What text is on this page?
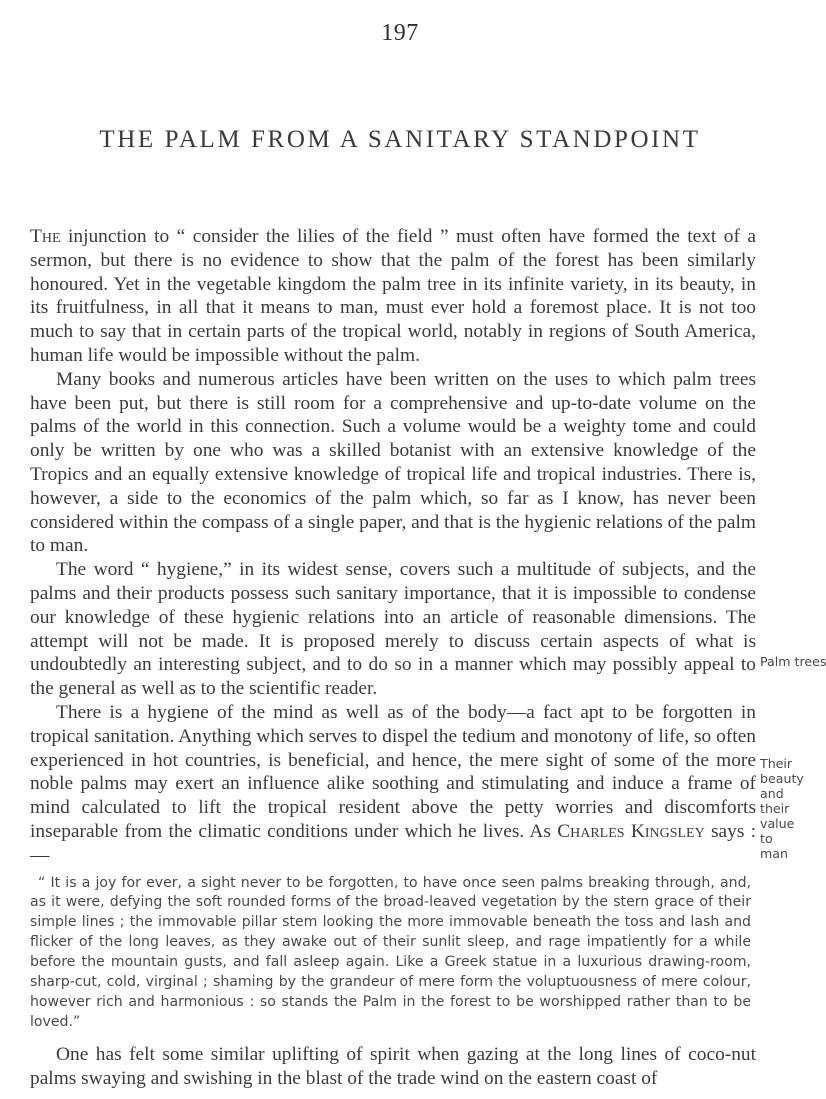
197
THE PALM FROM A SANITARY STANDPOINT

The injunction to “ consider the lilies of the field ” must often have formed the text of a sermon, but there is no evidence to show that the palm of the forest has been similarly honoured. Yet in the vegetable kingdom the palm tree in its infinite variety, in its beauty, in its fruitfulness, in all that it means to man, must ever hold a foremost place. It is not too much to say that in certain parts of the tropical world, notably in regions of South America, human life would be impossible without the palm.

Many books and numerous articles have been written on the uses to which palm trees have been put, but there is still room for a comprehensive and up-to-date volume on the palms of the world in this connection. Such a volume would be a weighty tome and could only be written by one who was a skilled botanist with an extensive knowledge of the Tropics and an equally extensive knowledge of tropical life and tropical industries. There is, however, a side to the economics of the palm which, so far as I know, has never been considered within the compass of a single paper, and that is the hygienic relations of the palm to man.

The word “ hygiene,” in its widest sense, covers such a multitude of subjects, and the palms and their products possess such sanitary importance, that it is impossible to condense our knowledge of these hygienic relations into an article of reasonable dimensions. The attempt will not be made. It is proposed merely to discuss certain aspects of what is undoubtedly an interesting subject, and to do so in a manner which may possibly appeal to the general as well as to the scientific reader.

There is a hygiene of the mind as well as of the body—a fact apt to be forgotten in tropical sanitation. Anything which serves to dispel the tedium and monotony of life, so often experienced in hot countries, is beneficial, and hence, the mere sight of some of the more noble palms may exert an influence alike soothing and stimulating and induce a frame of mind calculated to lift the tropical resident above the petty worries and discomforts inseparable from the climatic conditions under which he lives. As Charles Kingsley says :—

“ It is a joy for ever, a sight never to be forgotten, to have once seen palms breaking through, and, as it were, defying the soft rounded forms of the broad-leaved vegetation by the stern grace of their simple lines ; the immovable pillar stem looking the more immovable beneath the toss and lash and flicker of the long leaves, as they awake out of their sunlit sleep, and rage impatiently for a while before the mountain gusts, and fall asleep again. Like a Greek statue in a luxurious drawing-room, sharp-cut, cold, virginal ; shaming by the grandeur of mere form the voluptuousness of mere colour, however rich and harmonious : so stands the Palm in the forest to be worshipped rather than to be loved.”

One has felt some similar uplifting of spirit when gazing at the long lines of coco-nut palms swaying and swishing in the blast of the trade wind on the eastern coast of

Palm trees
Their beauty and their value to man
